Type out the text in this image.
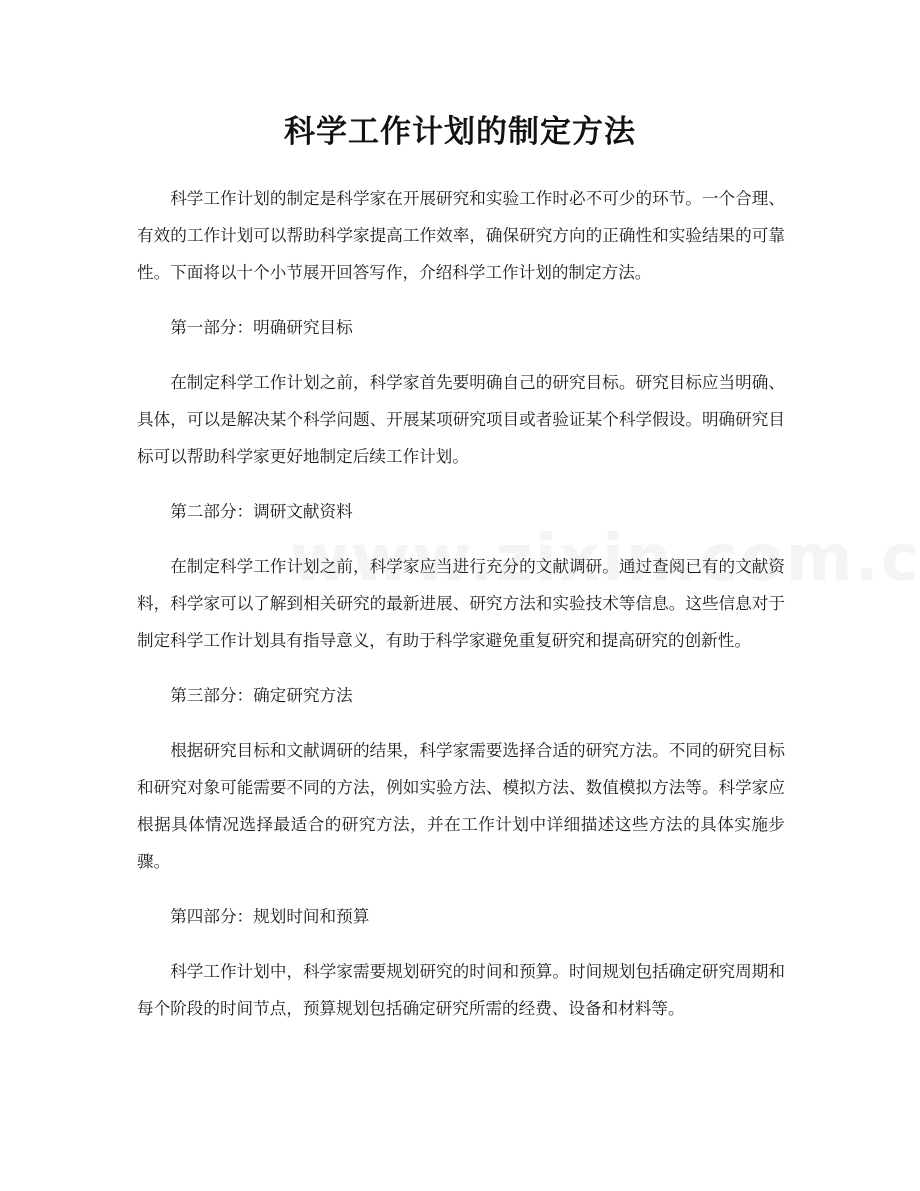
科学工作计划的制定方法

科学工作计划的制定是科学家在开展研究和实验工作时必不可少的环节。一个合理、有效的工作计划可以帮助科学家提高工作效率，确保研究方向的正确性和实验结果的可靠性。下面将以十个小节展开回答写作，介绍科学工作计划的制定方法。

第一部分：明确研究目标

在制定科学工作计划之前，科学家首先要明确自己的研究目标。研究目标应当明确、具体，可以是解决某个科学问题、开展某项研究项目或者验证某个科学假设。明确研究目标可以帮助科学家更好地制定后续工作计划。

第二部分：调研文献资料

在制定科学工作计划之前，科学家应当进行充分的文献调研。通过查阅已有的文献资料，科学家可以了解到相关研究的最新进展、研究方法和实验技术等信息。这些信息对于制定科学工作计划具有指导意义，有助于科学家避免重复研究和提高研究的创新性。

第三部分：确定研究方法

根据研究目标和文献调研的结果，科学家需要选择合适的研究方法。不同的研究目标和研究对象可能需要不同的方法，例如实验方法、模拟方法、数值模拟方法等。科学家应根据具体情况选择最适合的研究方法，并在工作计划中详细描述这些方法的具体实施步骤。

第四部分：规划时间和预算

科学工作计划中，科学家需要规划研究的时间和预算。时间规划包括确定研究周期和每个阶段的时间节点，预算规划包括确定研究所需的经费、设备和材料等。
